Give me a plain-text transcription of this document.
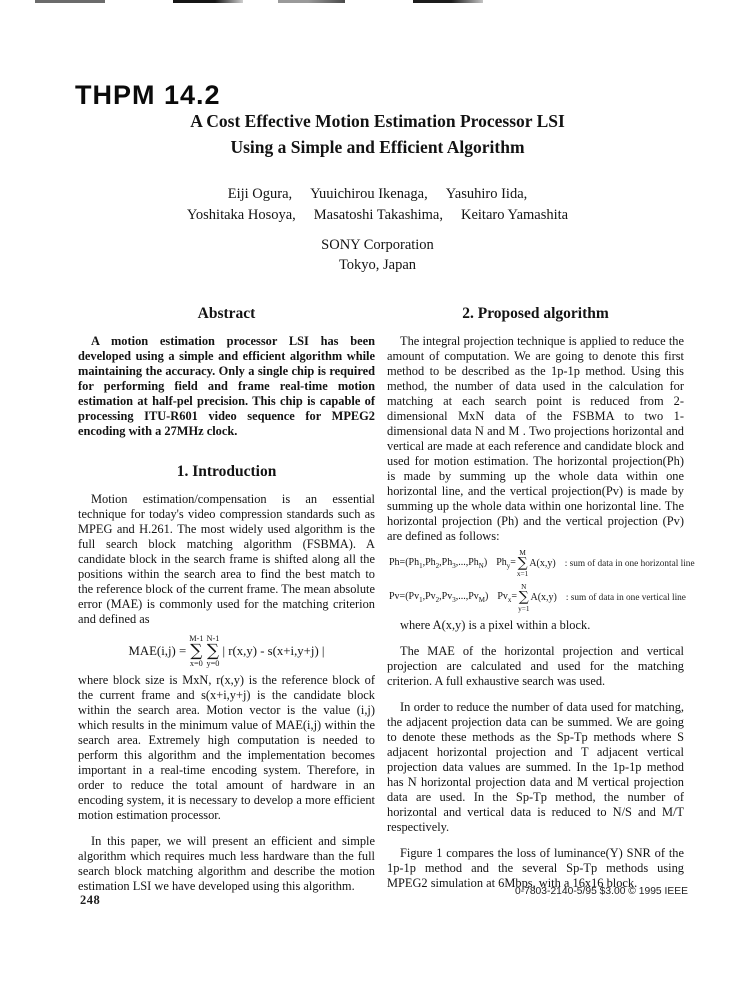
THPM 14.2
A Cost Effective Motion Estimation Processor LSI
Using a Simple and Efficient Algorithm
Eiji Ogura, Yuuichirou Ikenaga, Yasuhiro Iida,
Yoshitaka Hosoya, Masatoshi Takashima, Keitaro Yamashita
SONY Corporation
Tokyo, Japan
Abstract

A motion estimation processor LSI has been developed using a simple and efficient algorithm while maintaining the accuracy. Only a single chip is required for performing field and frame real-time motion estimation at half-pel precision. This chip is capable of processing ITU-R601 video sequence for MPEG2 encoding with a 27MHz clock.

1. Introduction

Motion estimation/compensation is an essential technique for today's video compression standards such as MPEG and H.261. The most widely used algorithm is the full search block matching algorithm (FSBMA). A candidate block in the search frame is shifted along all the positions within the search area to find the best match to the reference block of the current frame. The mean absolute error (MAE) is commonly used for the matching criterion and defined as

MAE(i,j) =
M-1
∑
x=0
N-1
∑
y=0
| r(x,y) - s(x+i,y+j) |

where block size is MxN, r(x,y) is the reference block of the current frame and s(x+i,y+j) is the candidate block within the search area. Motion vector is the value (i,j) which results in the minimum value of MAE(i,j) within the search area. Extremely high computation is needed to perform this algorithm and the implementation becomes important in a real-time encoding system. Therefore, in order to reduce the total amount of hardware in an encoding system, it is necessary to develop a more efficient motion estimation processor.

In this paper, we will present an efficient and simple algorithm which requires much less hardware than the full search block matching algorithm and describe the motion estimation LSI we have developed using this algorithm.

2. Proposed algorithm

The integral projection technique is applied to reduce the amount of computation. We are going to denote this first method to be described as the 1p-1p method. Using this method, the number of data used in the calculation for matching at each search point is reduced from 2-dimensional MxN data of the FSBMA to two 1-dimensional data N and M . Two projections horizontal and vertical are made at each reference and candidate block and used for motion estimation. The horizontal projection(Ph) is made by summing up the whole data within one horizontal line, and the vertical projection(Pv) is made by summing up the whole data within one horizontal line. The horizontal projection (Ph) and the vertical projection (Pv) are defined as follows:

$Ph=(Ph_1,Ph_2,Ph_3,...,Ph_N)$ $Ph_y=$
M
∑
x=1
A(x,y) : sum of data in one horizontal line
$Pv=(Pv_1,Pv_2,Pv_3,...,Pv_M)$ $Pv_x=$
N
∑
y=1
A(x,y) : sum of data in one vertical line

where A(x,y) is a pixel within a block.

The MAE of the horizontal projection and vertical projection are calculated and used for the matching criterion. A full exhaustive search was used.

In order to reduce the number of data used for matching, the adjacent projection data can be summed. We are going to denote these methods as the Sp-Tp methods where S adjacent horizontal projection and T adjacent vertical projection data values are summed. In the 1p-1p method has N horizontal projection data and M vertical projection data are used. In the Sp-Tp method, the number of horizontal and vertical data is reduced to N/S and M/T respectively.

Figure 1 compares the loss of luminance(Y) SNR of the 1p-1p method and the several Sp-Tp methods using MPEG2 simulation at 6Mbps, with a 16x16 block.

248
0-7803-2140-5/95 $3.00 © 1995 IEEE
